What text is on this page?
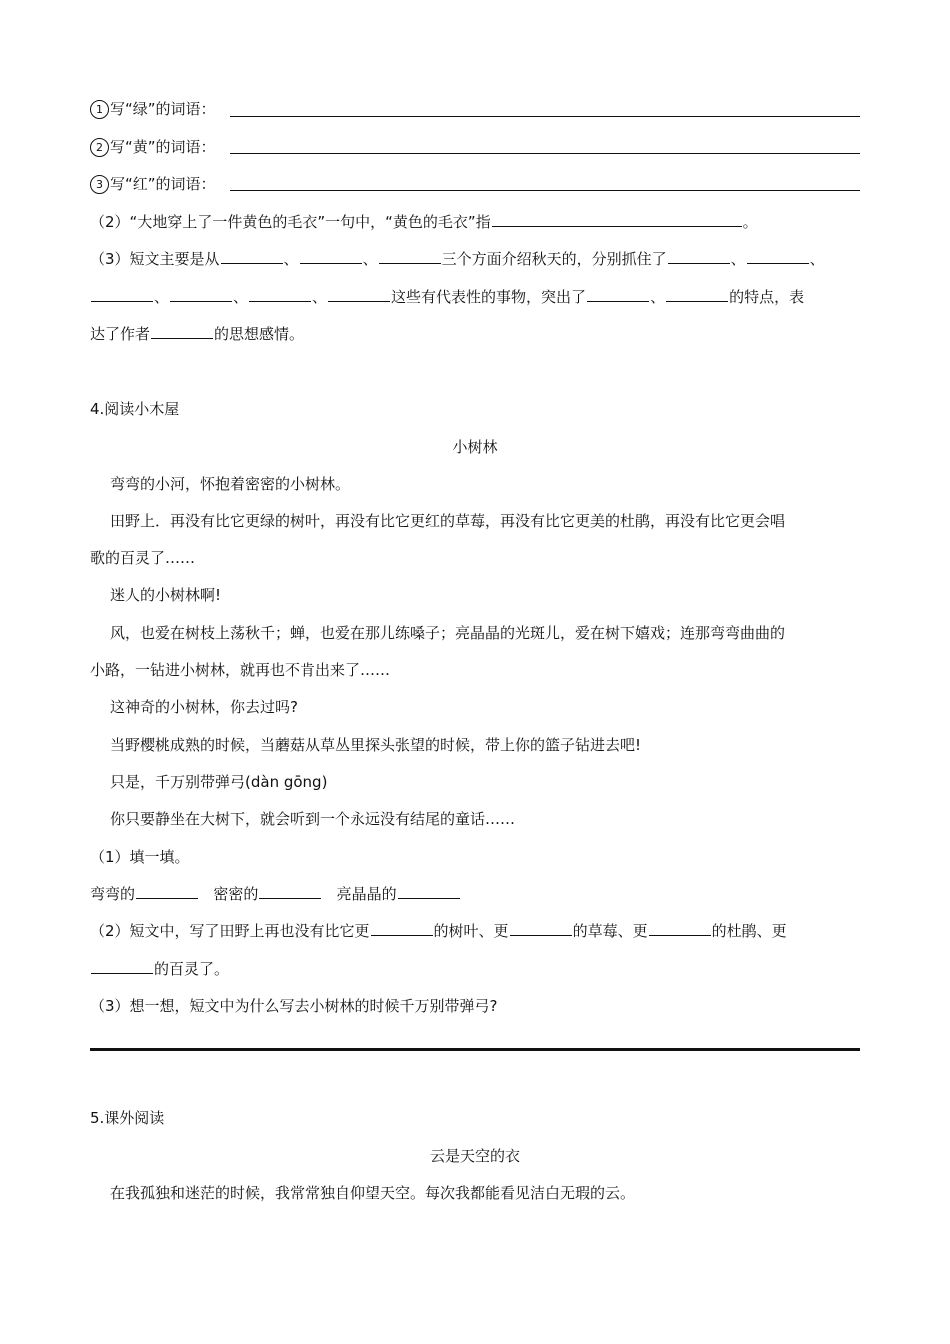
1 写“绿”的词语：
2 写“黄”的词语：
3 写“红”的词语：
（2）“大地穿上了一件黄色的毛衣”一句中，“黄色的毛衣”指	。
（3）短文主要是从	、	、	三个方面介绍秋天的，分别抓住了	、	、
、	、	、	这些有代表性的事物，突出了	、	的特点，表
达了作者	的思想感情。
4.阅读小木屋
小树林
弯弯的小河，怀抱着密密的小树林。
田野上．再没有比它更绿的树叶，再没有比它更红的草莓，再没有比它更美的杜鹃，再没有比它更会唱
歌的百灵了……
迷人的小树林啊!
风，也爱在树枝上荡秋千；蝉，也爱在那儿练嗓子；亮晶晶的光斑儿，爱在树下嬉戏；连那弯弯曲曲的
小路，一钻进小树林，就再也不肯出来了……
这神奇的小树林，你去过吗?
当野樱桃成熟的时候，当蘑菇从草丛里探头张望的时候，带上你的篮子钻进去吧!
只是，千万别带弹弓(dàn gōng)
你只要静坐在大树下，就会听到一个永远没有结尾的童话……
（1）填一填。
弯弯的	密密的	亮晶晶的
（2）短文中，写了田野上再也没有比它更	的树叶、更	的草莓、更	的杜鹃、更
的百灵了。
（3）想一想，短文中为什么写去小树林的时候千万别带弹弓?
5.课外阅读
云是天空的衣
在我孤独和迷茫的时候，我常常独自仰望天空。每次我都能看见洁白无瑕的云。
